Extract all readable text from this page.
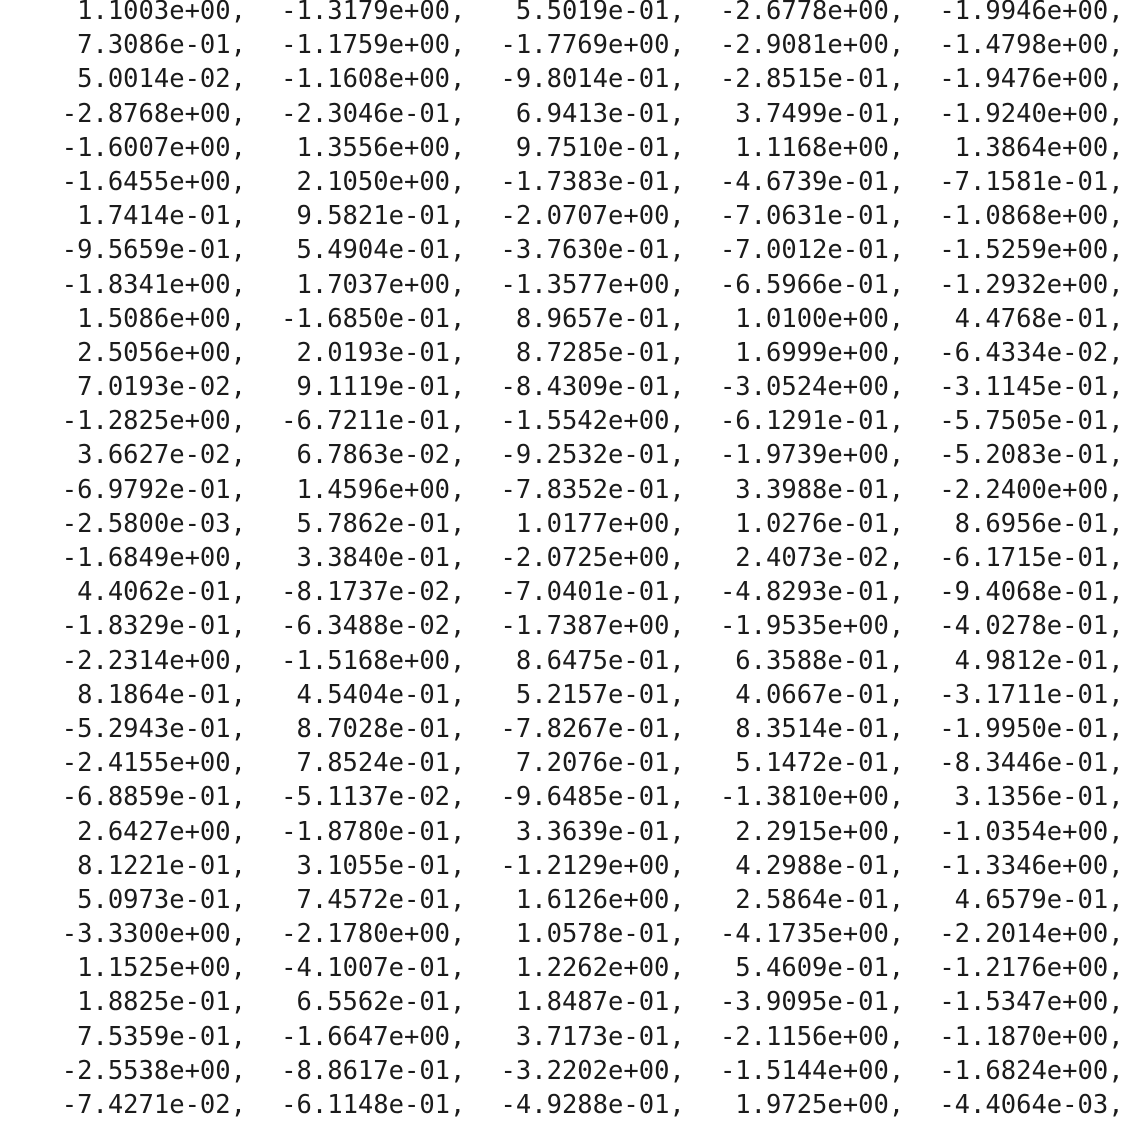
1.1003e+00,	-1.3179e+00,	5.5019e-01,	-2.6778e+00,	-1.9946e+00,
7.3086e-01,	-1.1759e+00,	-1.7769e+00,	-2.9081e+00,	-1.4798e+00,
5.0014e-02,	-1.1608e+00,	-9.8014e-01,	-2.8515e-01,	-1.9476e+00,
-2.8768e+00,	-2.3046e-01,	6.9413e-01,	3.7499e-01,	-1.9240e+00,
-1.6007e+00,	1.3556e+00,	9.7510e-01,	1.1168e+00,	1.3864e+00,
-1.6455e+00,	2.1050e+00,	-1.7383e-01,	-4.6739e-01,	-7.1581e-01,
1.7414e-01,	9.5821e-01,	-2.0707e+00,	-7.0631e-01,	-1.0868e+00,
-9.5659e-01,	5.4904e-01,	-3.7630e-01,	-7.0012e-01,	-1.5259e+00,
-1.8341e+00,	1.7037e+00,	-1.3577e+00,	-6.5966e-01,	-1.2932e+00,
1.5086e+00,	-1.6850e-01,	8.9657e-01,	1.0100e+00,	4.4768e-01,
2.5056e+00,	2.0193e-01,	8.7285e-01,	1.6999e+00,	-6.4334e-02,
7.0193e-02,	9.1119e-01,	-8.4309e-01,	-3.0524e+00,	-3.1145e-01,
-1.2825e+00,	-6.7211e-01,	-1.5542e+00,	-6.1291e-01,	-5.7505e-01,
3.6627e-02,	6.7863e-02,	-9.2532e-01,	-1.9739e+00,	-5.2083e-01,
-6.9792e-01,	1.4596e+00,	-7.8352e-01,	3.3988e-01,	-2.2400e+00,
-2.5800e-03,	5.7862e-01,	1.0177e+00,	1.0276e-01,	8.6956e-01,
-1.6849e+00,	3.3840e-01,	-2.0725e+00,	2.4073e-02,	-6.1715e-01,
4.4062e-01,	-8.1737e-02,	-7.0401e-01,	-4.8293e-01,	-9.4068e-01,
-1.8329e-01,	-6.3488e-02,	-1.7387e+00,	-1.9535e+00,	-4.0278e-01,
-2.2314e+00,	-1.5168e+00,	8.6475e-01,	6.3588e-01,	4.9812e-01,
8.1864e-01,	4.5404e-01,	5.2157e-01,	4.0667e-01,	-3.1711e-01,
-5.2943e-01,	8.7028e-01,	-7.8267e-01,	8.3514e-01,	-1.9950e-01,
-2.4155e+00,	7.8524e-01,	7.2076e-01,	5.1472e-01,	-8.3446e-01,
-6.8859e-01,	-5.1137e-02,	-9.6485e-01,	-1.3810e+00,	3.1356e-01,
2.6427e+00,	-1.8780e-01,	3.3639e-01,	2.2915e+00,	-1.0354e+00,
8.1221e-01,	3.1055e-01,	-1.2129e+00,	4.2988e-01,	-1.3346e+00,
5.0973e-01,	7.4572e-01,	1.6126e+00,	2.5864e-01,	4.6579e-01,
-3.3300e+00,	-2.1780e+00,	1.0578e-01,	-4.1735e+00,	-2.2014e+00,
1.1525e+00,	-4.1007e-01,	1.2262e+00,	5.4609e-01,	-1.2176e+00,
1.8825e-01,	6.5562e-01,	1.8487e-01,	-3.9095e-01,	-1.5347e+00,
7.5359e-01,	-1.6647e+00,	3.7173e-01,	-2.1156e+00,	-1.1870e+00,
-2.5538e+00,	-8.8617e-01,	-3.2202e+00,	-1.5144e+00,	-1.6824e+00,
-7.4271e-02,	-6.1148e-01,	-4.9288e-01,	1.9725e+00,	-4.4064e-03,
